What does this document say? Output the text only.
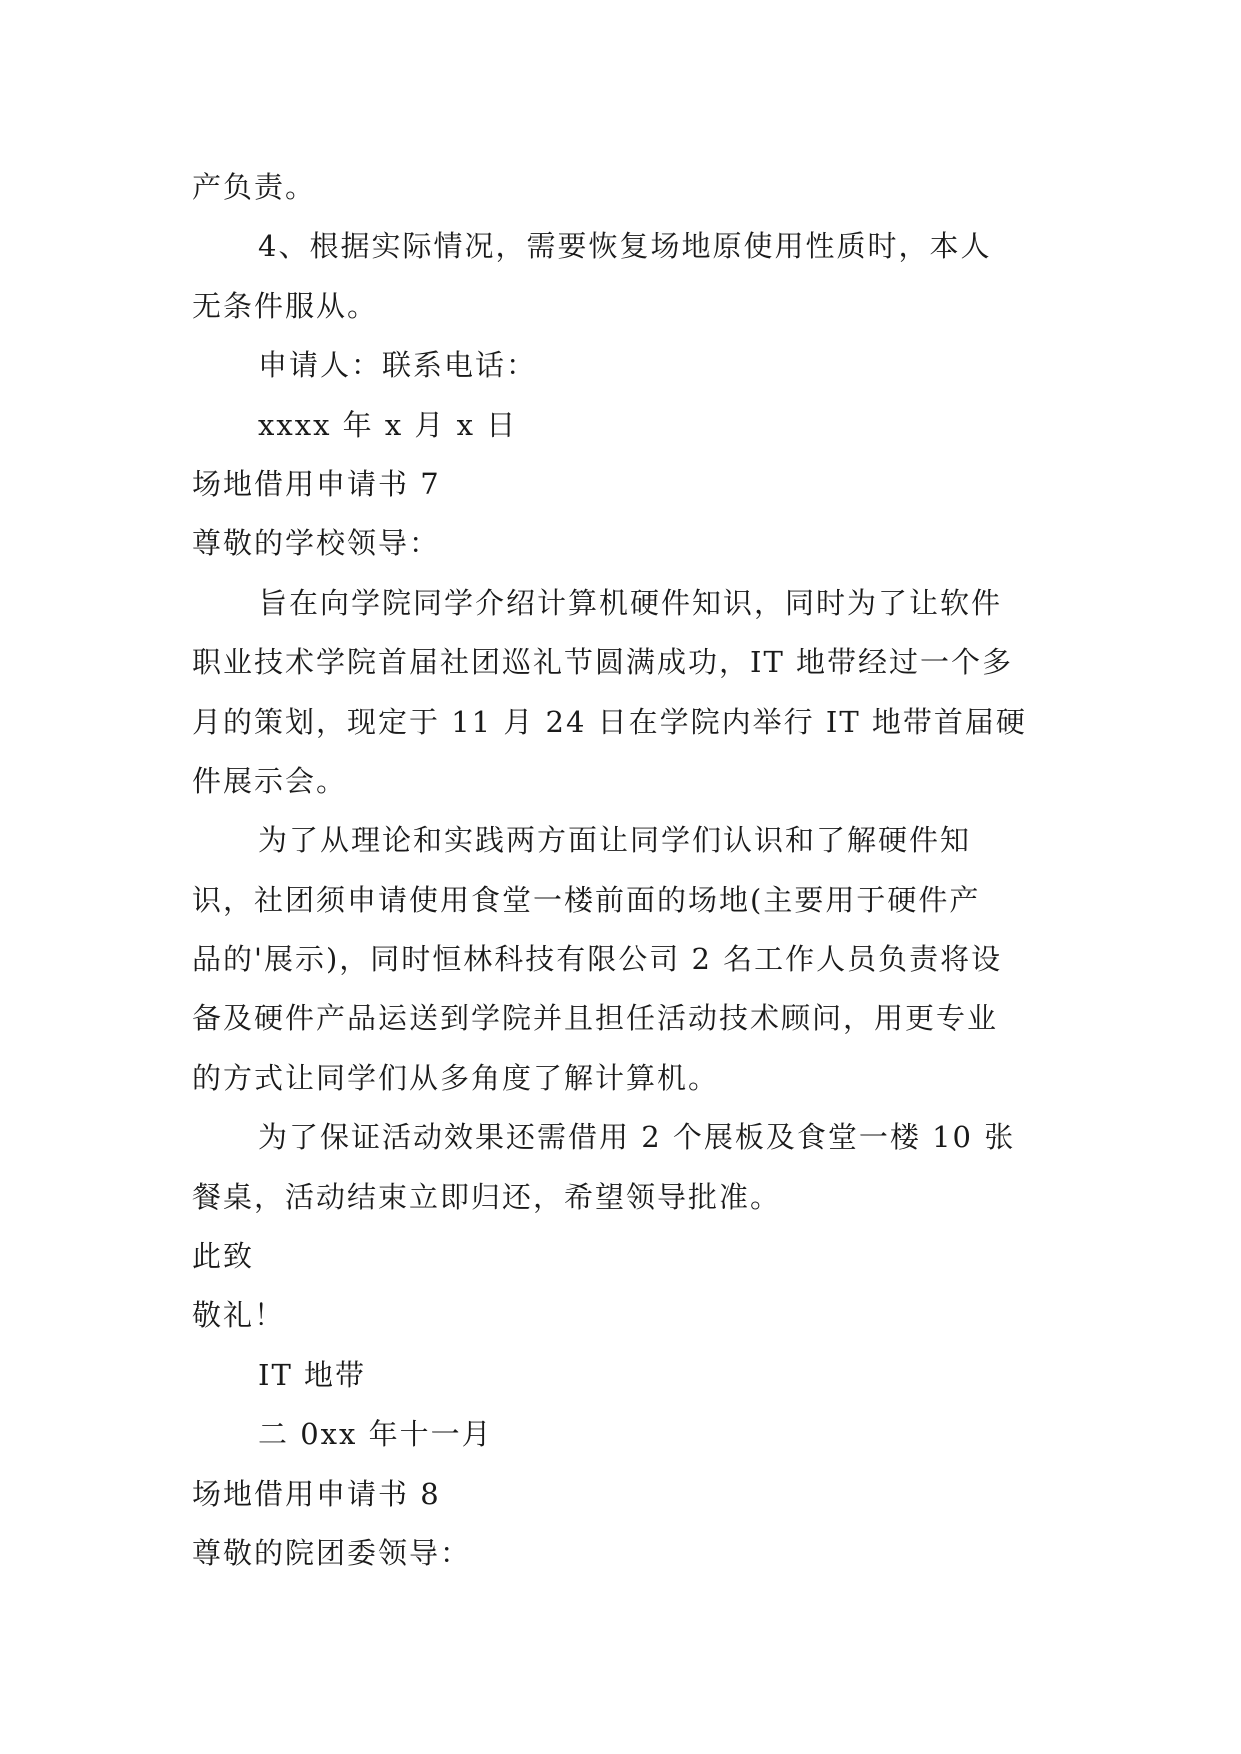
产负责。
4、根据实际情况，需要恢复场地原使用性质时，本人
无条件服从。
申请人：联系电话：
xxxx 年 x 月 x 日
场地借用申请书 7
尊敬的学校领导：
旨在向学院同学介绍计算机硬件知识，同时为了让软件
职业技术学院首届社团巡礼节圆满成功，IT 地带经过一个多
月的策划，现定于 11 月 24 日在学院内举行 IT 地带首届硬
件展示会。
为了从理论和实践两方面让同学们认识和了解硬件知
识，社团须申请使用食堂一楼前面的场地(主要用于硬件产
品的'展示)，同时恒林科技有限公司 2 名工作人员负责将设
备及硬件产品运送到学院并且担任活动技术顾问，用更专业
的方式让同学们从多角度了解计算机。
为了保证活动效果还需借用 2 个展板及食堂一楼 10 张
餐桌，活动结束立即归还，希望领导批准。
此致
敬礼！
IT 地带
二 0xx 年十一月
场地借用申请书 8
尊敬的院团委领导：
